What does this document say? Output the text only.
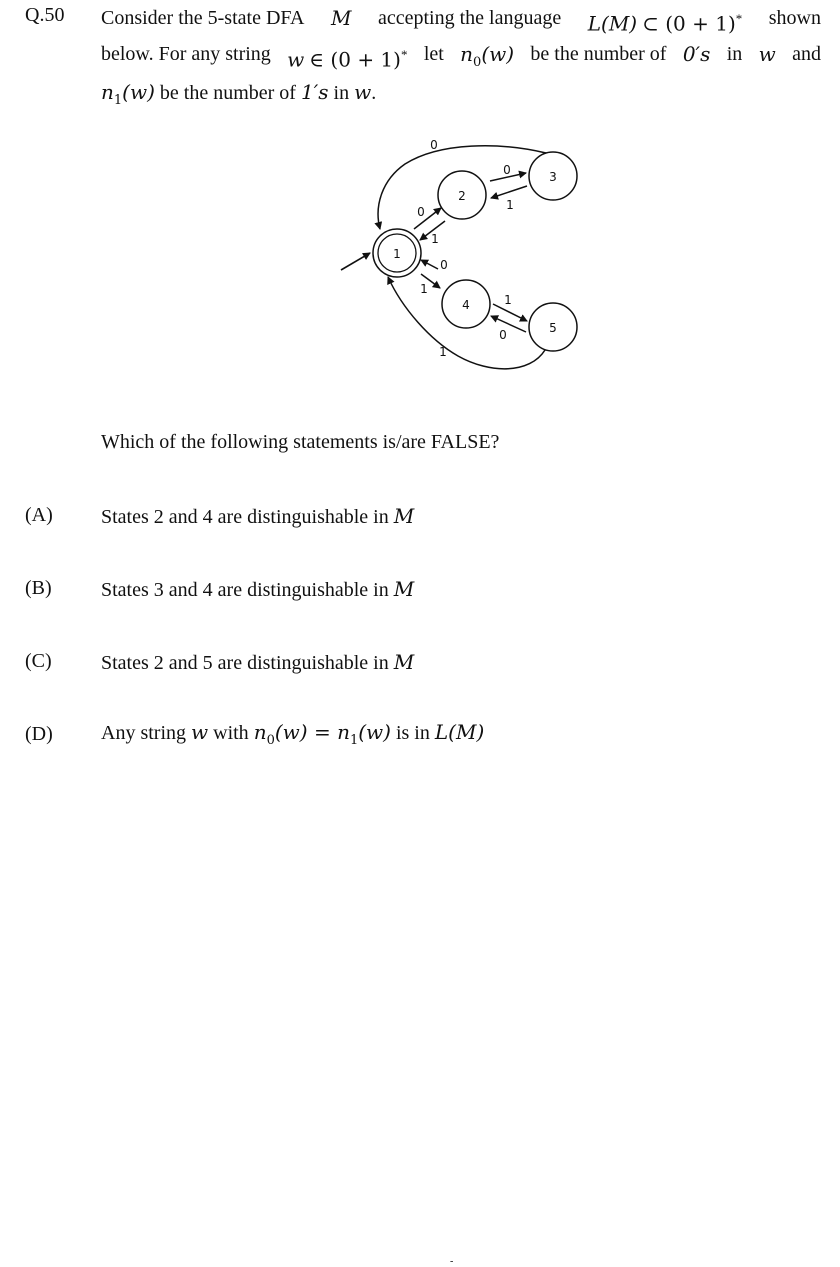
Q.50 Consider the 5-state DFA M accepting the language L(M) ⊂ (0 + 1)* shown
below. For any string w ∈ (0 + 1)* let $n_0(w)$ be the number of 0′s in w and
$n_1(w)$ be the number of 1′s in w.
1
2
3
4
5
0
0
1
0
1
0
1
1
0
1
Which of the following statements is/are FALSE?
(A) States 2 and 4 are distinguishable in M
(B) States 3 and 4 are distinguishable in M
(C) States 2 and 5 are distinguishable in M
(D) Any string w with $n_0(w) = n_1(w)$ is in L(M)
-
